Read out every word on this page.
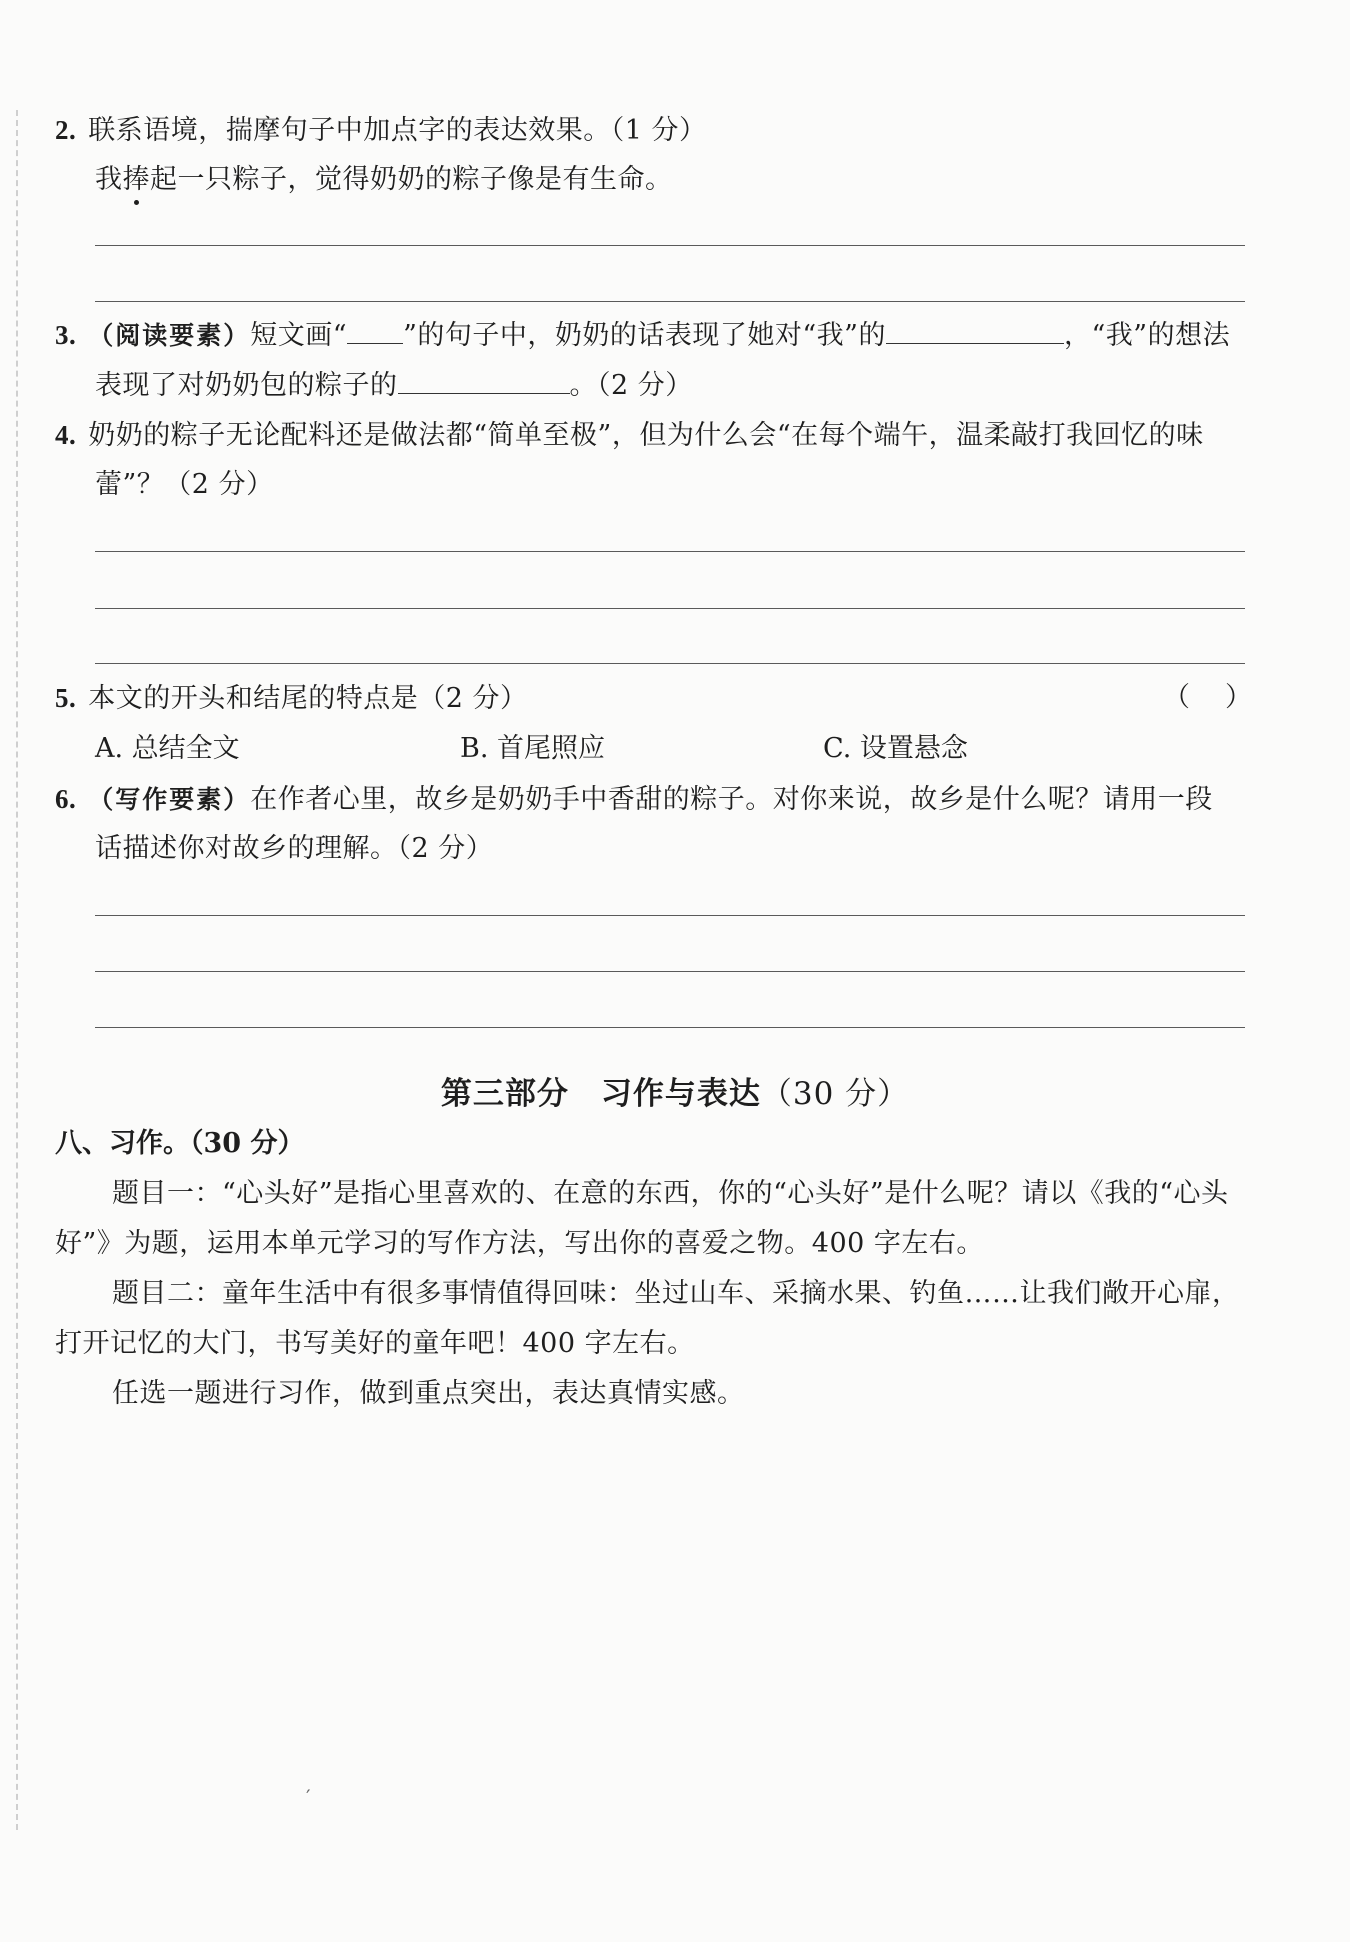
2. 联系语境，揣摩句子中加点字的表达效果。（1 分）
我捧起一只粽子，觉得奶奶的粽子像是有生命。
3. （阅读要素）短文画“ ”的句子中，奶奶的话表现了她对“我”的	，“我”的想法
表现了对奶奶包的粽子的	。（2 分）
4. 奶奶的粽子无论配料还是做法都“简单至极”，但为什么会“在每个端午，温柔敲打我回忆的味
蕾”？（2 分）
5. 本文的开头和结尾的特点是（2 分）	（ ）
A. 总结全文	B. 首尾照应	C. 设置悬念
6. （写作要素）在作者心里，故乡是奶奶手中香甜的粽子。对你来说，故乡是什么呢？请用一段
话描述你对故乡的理解。（2 分）
第三部分　习作与表达（30 分）
八、习作。（30 分）
题目一：“心头好”是指心里喜欢的、在意的东西，你的“心头好”是什么呢？请以《我的“心头
好”》为题，运用本单元学习的写作方法，写出你的喜爱之物。400 字左右。
题目二：童年生活中有很多事情值得回味：坐过山车、采摘水果、钓鱼……让我们敞开心扉，
打开记忆的大门，书写美好的童年吧！400 字左右。
任选一题进行习作，做到重点突出，表达真情实感。
′
